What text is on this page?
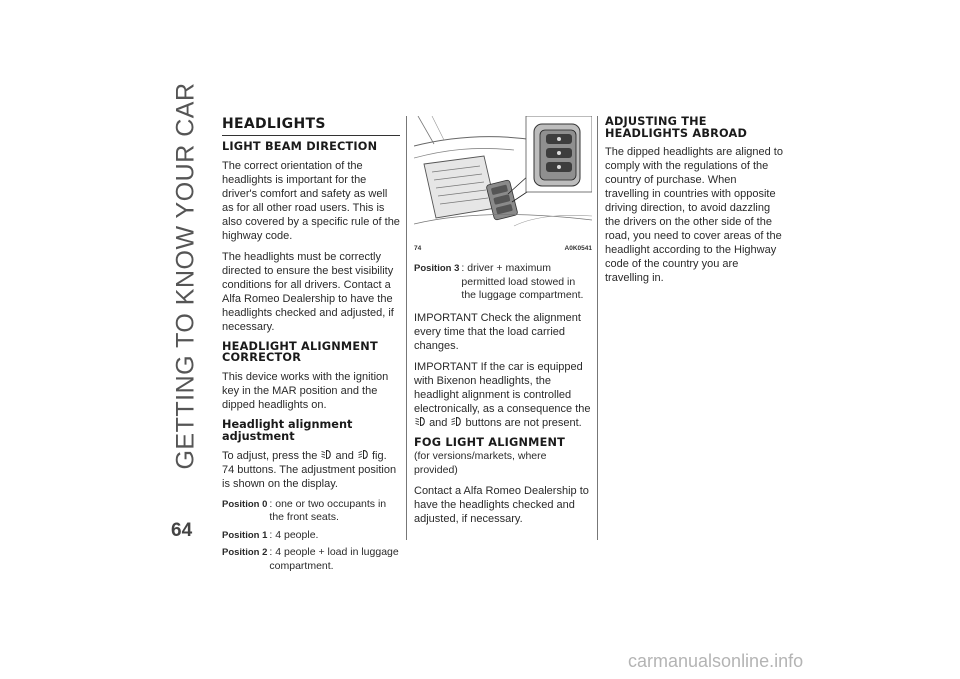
GETTING TO KNOW YOUR CAR
64
HEADLIGHTS
LIGHT BEAM DIRECTION

The correct orientation of the headlights is important for the driver's comfort and safety as well as for all other road users. This is also covered by a specific rule of the highway code.

The headlights must be correctly directed to ensure the best visibility conditions for all drivers. Contact a Alfa Romeo Dealership to have the headlights checked and adjusted, if necessary.

HEADLIGHT ALIGNMENT CORRECTOR

This device works with the ignition key in the MAR position and the dipped headlights on.

Headlight alignment adjustment

To adjust, press the and fig. 74 buttons. The adjustment position is shown on the display.

Position 0 : one or two occupants in the front seats.
Position 1 : 4 people.
Position 2 : 4 people + load in luggage compartment.
74	A0K0541
Position 3 : driver + maximum permitted load stowed in the luggage compartment.

IMPORTANT Check the alignment every time that the load carried changes.

IMPORTANT If the car is equipped with Bixenon headlights, the headlight alignment is controlled electronically, as a consequence the  and buttons are not present.

FOG LIGHT ALIGNMENT

(for versions/markets, where provided)

Contact a Alfa Romeo Dealership to have the headlights checked and adjusted, if necessary.

ADJUSTING THE HEADLIGHTS ABROAD

The dipped headlights are aligned to comply with the regulations of the country of purchase. When travelling in countries with opposite driving direction, to avoid dazzling the drivers on the other side of the road, you need to cover areas of the headlight according to the Highway code of the country you are travelling in.

carmanualsonline.info
